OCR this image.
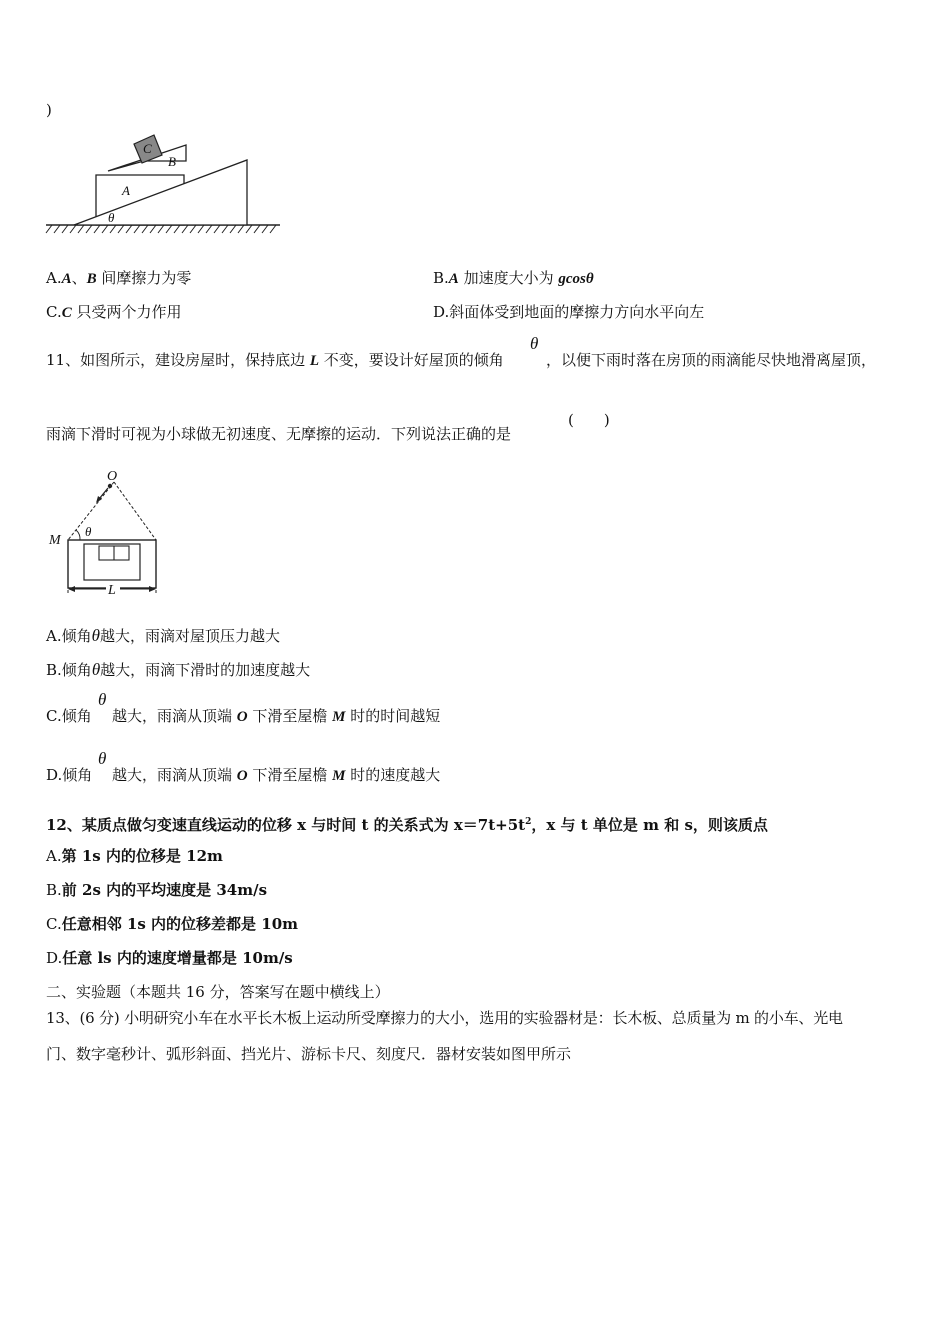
)
C
B
A
θ
A.A、B 间摩擦力为零	B.A 加速度大小为 gcosθ
C.C 只受两个力作用	D.斜面体受到地面的摩擦力方向水平向左
11、如图所示，建设房屋时，保持底边 L 不变，要设计好屋顶的倾角
θ
，以便下雨时落在房顶的雨滴能尽快地滑离屋顶，
雨滴下滑时可视为小球做无初速度、无摩擦的运动．下列说法正确的是
(　　)
O
M
θ
L
A.倾角θ越大，雨滴对屋顶压力越大
B.倾角θ越大，雨滴下滑时的加速度越大
C.倾角
θ
越大，雨滴从顶端 O 下滑至屋檐 M 时的时间越短
D.倾角
θ
越大，雨滴从顶端 O 下滑至屋檐 M 时的速度越大
12、某质点做匀变速直线运动的位移 x 与时间 t 的关系式为 $x=7t+5t^2$，x 与 t 单位是 m 和 s，则该质点
A.第 1s 内的位移是 12m
B.前 2s 内的平均速度是 34m/s
C.任意相邻 1s 内的位移差都是 10m
D.任意 ls 内的速度增量都是 10m/s
二、实验题（本题共 16 分，答案写在题中横线上）
13、(6 分) 小明研究小车在水平长木板上运动所受摩擦力的大小，选用的实验器材是：长木板、总质量为 m 的小车、光电
门、数字毫秒计、弧形斜面、挡光片、游标卡尺、刻度尺．器材安装如图甲所示
